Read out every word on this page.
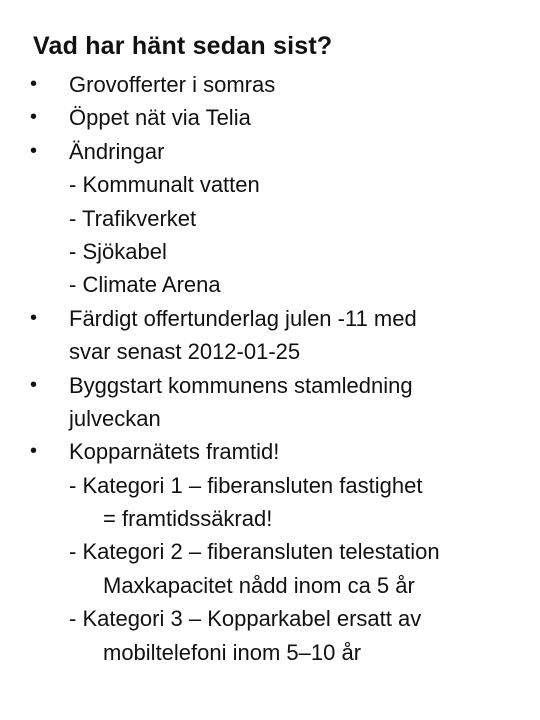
Vad har hänt sedan sist?
• Grovofferter i somras
• Öppet nät via Telia
• Ändringar
- Kommunalt vatten
- Trafikverket
- Sjökabel
- Climate Arena
• Färdigt offertunderlag julen -11 med
svar senast 2012-01-25
• Byggstart kommunens stamledning
julveckan
• Kopparnätets framtid!
- Kategori 1 – fiberansluten fastighet
= framtidssäkrad!
- Kategori 2 – fiberansluten telestation
Maxkapacitet nådd inom ca 5 år
- Kategori 3 – Kopparkabel ersatt av
mobiltelefoni inom 5–10 år
